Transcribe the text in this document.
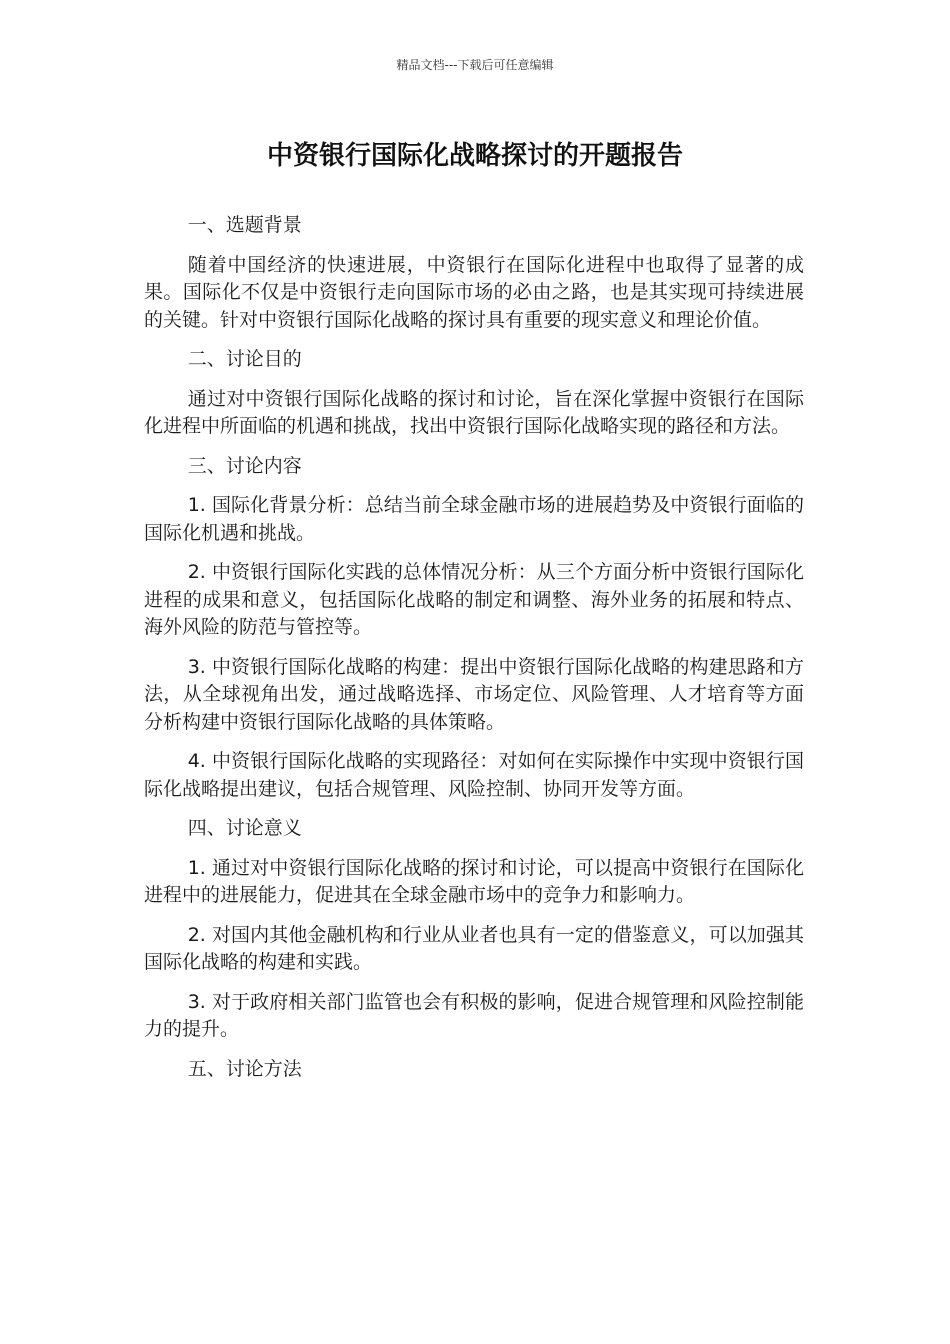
精品文档---下载后可任意编辑
中资银行国际化战略探讨的开题报告

一、选题背景

随着中国经济的快速进展，中资银行在国际化进程中也取得了显著的成果。国际化不仅是中资银行走向国际市场的必由之路，也是其实现可持续进展的关键。针对中资银行国际化战略的探讨具有重要的现实意义和理论价值。

二、讨论目的

通过对中资银行国际化战略的探讨和讨论，旨在深化掌握中资银行在国际化进程中所面临的机遇和挑战，找出中资银行国际化战略实现的路径和方法。

三、讨论内容

1. 国际化背景分析：总结当前全球金融市场的进展趋势及中资银行面临的国际化机遇和挑战。

2. 中资银行国际化实践的总体情况分析：从三个方面分析中资银行国际化进程的成果和意义，包括国际化战略的制定和调整、海外业务的拓展和特点、海外风险的防范与管控等。

3. 中资银行国际化战略的构建：提出中资银行国际化战略的构建思路和方法，从全球视角出发，通过战略选择、市场定位、风险管理、人才培育等方面分析构建中资银行国际化战略的具体策略。

4. 中资银行国际化战略的实现路径：对如何在实际操作中实现中资银行国际化战略提出建议，包括合规管理、风险控制、协同开发等方面。

四、讨论意义

1. 通过对中资银行国际化战略的探讨和讨论，可以提高中资银行在国际化进程中的进展能力，促进其在全球金融市场中的竞争力和影响力。

2. 对国内其他金融机构和行业从业者也具有一定的借鉴意义，可以加强其国际化战略的构建和实践。

3. 对于政府相关部门监管也会有积极的影响，促进合规管理和风险控制能力的提升。

五、讨论方法
